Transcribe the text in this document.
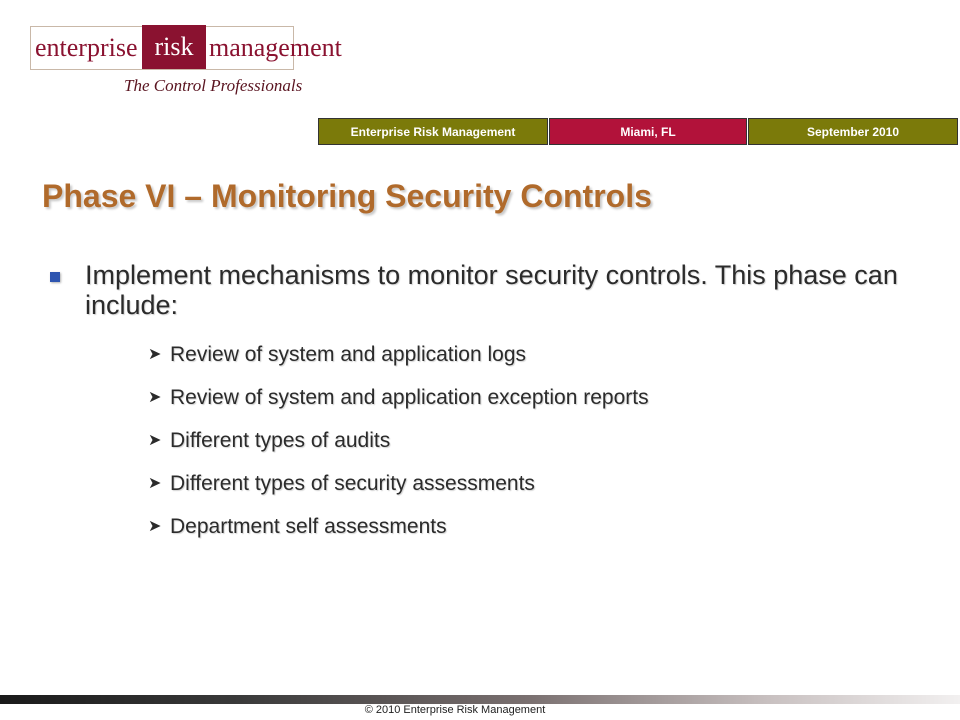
enterprise risk management
The Control Professionals
Enterprise Risk Management	Miami, FL	September 2010
Phase VI – Monitoring Security Controls
Implement mechanisms to monitor security controls. This phase can include:
➤ Review of system and application logs
➤ Review of system and application exception reports
➤ Different types of audits
➤ Different types of security assessments
➤ Department self assessments
© 2010 Enterprise Risk Management
